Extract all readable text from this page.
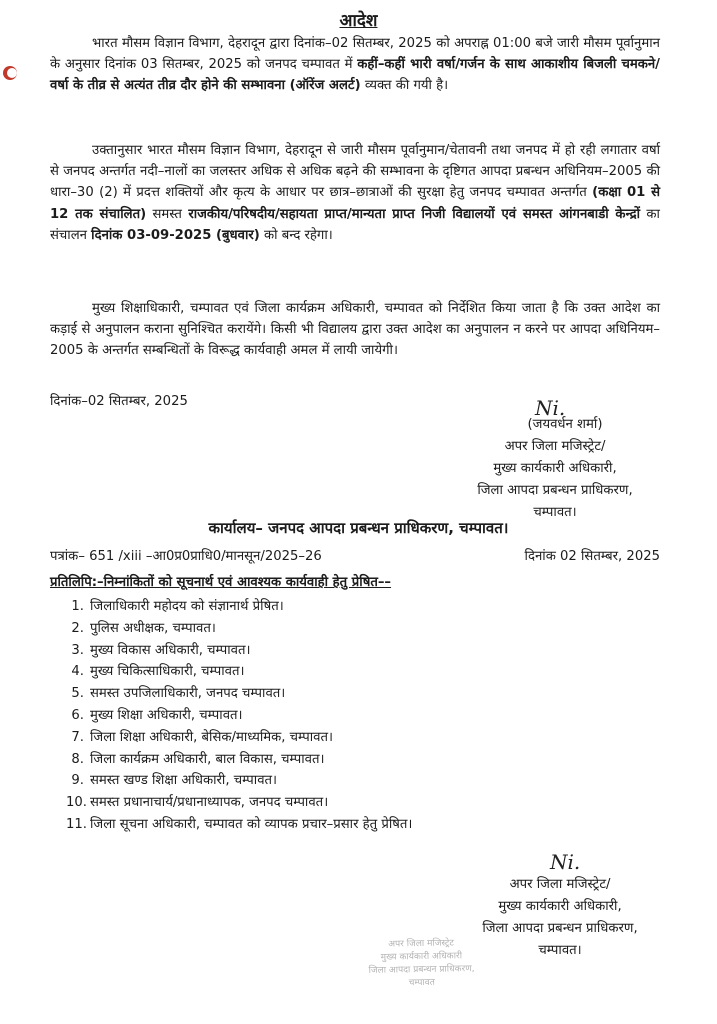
आदेश
भारत मौसम विज्ञान विभाग, देहरादून द्वारा दिनांक–02 सितम्बर, 2025 को अपराह्न 01:00 बजे जारी मौसम पूर्वानुमान के अनुसार दिनांक 03 सितम्बर, 2025 को जनपद चम्पावत में कहीं–कहीं भारी वर्षा/गर्जन के साथ आकाशीय बिजली चमकने/वर्षा के तीव्र से अत्यंत तीव्र दौर होने की सम्भावना (ऑरेंज अलर्ट) व्यक्त की गयी है।
उक्तानुसार भारत मौसम विज्ञान विभाग, देहरादून से जारी मौसम पूर्वानुमान/चेतावनी तथा जनपद में हो रही लगातार वर्षा से जनपद अन्तर्गत नदी–नालों का जलस्तर अधिक से अधिक बढ़ने की सम्भावना के दृष्टिगत आपदा प्रबन्धन अधिनियम–2005 की धारा–30 (2) में प्रदत्त शक्तियों और कृत्य के आधार पर छात्र–छात्राओं की सुरक्षा हेतु जनपद चम्पावत अन्तर्गत (कक्षा 01 से 12 तक संचालित) समस्त राजकीय/परिषदीय/सहायता प्राप्त/मान्यता प्राप्त निजी विद्यालयों एवं समस्त आंगनबाडी केन्द्रों का संचालन दिनांक 03-09-2025 (बुधवार) को बन्द रहेगा।
मुख्य शिक्षाधिकारी, चम्पावत एवं जिला कार्यक्रम अधिकारी, चम्पावत को निर्देशित किया जाता है कि उक्त आदेश का कड़ाई से अनुपालन कराना सुनिश्चित करायेंगे। किसी भी विद्यालय द्वारा उक्त आदेश का अनुपालन न करने पर आपदा अधिनियम–2005 के अन्तर्गत सम्बन्धितों के विरूद्ध कार्यवाही अमल में लायी जायेगी।
दिनांक–02 सितम्बर, 2025	Ni.
(जयवर्धन शर्मा)
अपर जिला मजिस्ट्रेट/
मुख्य कार्यकारी अधिकारी,
जिला आपदा प्रबन्धन प्राधिकरण,
चम्पावत।
कार्यालय– जनपद आपदा प्रबन्धन प्राधिकरण, चम्पावत।
पत्रांक– 651 /xiii –आ0प्र0प्राधि0/मानसून/2025–26	दिनांक 02 सितम्बर, 2025
प्रतिलिपि:–निम्नांकितों को सूचनार्थ एवं आवश्यक कार्यवाही हेतु प्रेषित––
1. जिलाधिकारी महोदय को संज्ञानार्थ प्रेषित।
2. पुलिस अधीक्षक, चम्पावत।
3. मुख्य विकास अधिकारी, चम्पावत।
4. मुख्य चिकित्साधिकारी, चम्पावत।
5. समस्त उपजिलाधिकारी, जनपद चम्पावत।
6. मुख्य शिक्षा अधिकारी, चम्पावत।
7. जिला शिक्षा अधिकारी, बेसिक/माध्यमिक, चम्पावत।
8. जिला कार्यक्रम अधिकारी, बाल विकास, चम्पावत।
9. समस्त खण्ड शिक्षा अधिकारी, चम्पावत।
10. समस्त प्रधानाचार्य/प्रधानाध्यापक, जनपद चम्पावत।
11. जिला सूचना अधिकारी, चम्पावत को व्यापक प्रचार–प्रसार हेतु प्रेषित।
Ni.
अपर जिला मजिस्ट्रेट/
मुख्य कार्यकारी अधिकारी,
जिला आपदा प्रबन्धन प्राधिकरण,
चम्पावत।
अपर जिला मजिस्ट्रेट
मुख्य कार्यकारी अधिकारी
जिला आपदा प्रबन्धन प्राधिकरण,
चम्पावत
